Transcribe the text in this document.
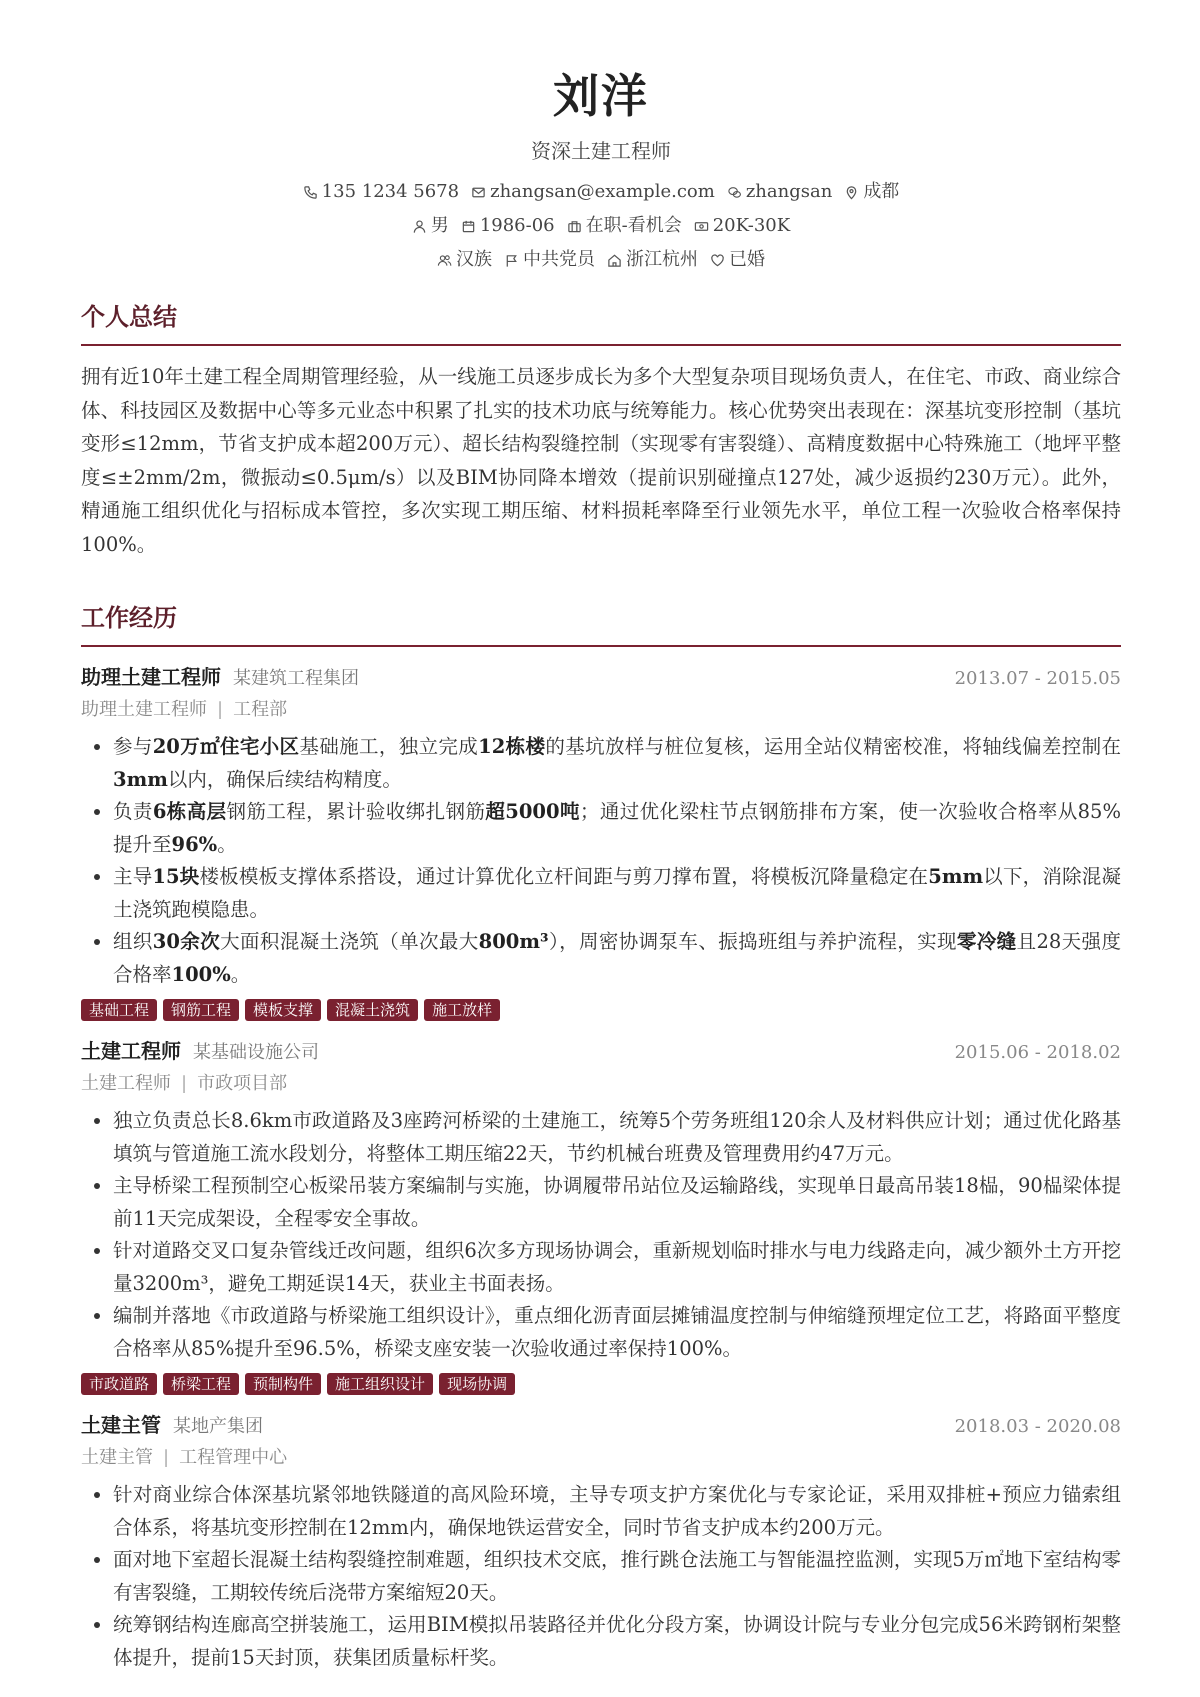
刘洋
资深土建工程师
135 1234 5678 zhangsan@example.com zhangsan 成都
男 1986-06 在职-看机会 20K-30K
汉族 中共党员 浙江杭州 已婚
个人总结
拥有近10年土建工程全周期管理经验，从一线施工员逐步成长为多个大型复杂项目现场负责人，在住宅、市政、商业综合体、科技园区及数据中心等多元业态中积累了扎实的技术功底与统筹能力。核心优势突出表现在：深基坑变形控制（基坑变形≤12mm，节省支护成本超200万元）、超长结构裂缝控制（实现零有害裂缝）、高精度数据中心特殊施工（地坪平整度≤±2mm/2m，微振动≤0.5μm/s）以及BIM协同降本增效（提前识别碰撞点127处，减少返损约230万元）。此外，精通施工组织优化与招标成本管控，多次实现工期压缩、材料损耗率降至行业领先水平，单位工程一次验收合格率保持100%。
工作经历
助理土建工程师 某建筑工程集团	2013.07 - 2015.05
助理土建工程师 | 工程部
• 参与20万㎡住宅小区基础施工，独立完成12栋楼的基坑放样与桩位复核，运用全站仪精密校准，将轴线偏差控制在3mm以内，确保后续结构精度。
• 负责6栋高层钢筋工程，累计验收绑扎钢筋超5000吨；通过优化梁柱节点钢筋排布方案，使一次验收合格率从85%提升至96%。
• 主导15块楼板模板支撑体系搭设，通过计算优化立杆间距与剪刀撑布置，将模板沉降量稳定在5mm以下，消除混凝土浇筑跑模隐患。
• 组织30余次大面积混凝土浇筑（单次最大800m³），周密协调泵车、振捣班组与养护流程，实现零冷缝且28天强度合格率100%。
基础工程	钢筋工程	模板支撑	混凝土浇筑	施工放样
土建工程师 某基础设施公司	2015.06 - 2018.02
土建工程师 | 市政项目部
• 独立负责总长8.6km市政道路及3座跨河桥梁的土建施工，统筹5个劳务班组120余人及材料供应计划；通过优化路基填筑与管道施工流水段划分，将整体工期压缩22天，节约机械台班费及管理费用约47万元。
• 主导桥梁工程预制空心板梁吊装方案编制与实施，协调履带吊站位及运输路线，实现单日最高吊装18榀，90榀梁体提前11天完成架设，全程零安全事故。
• 针对道路交叉口复杂管线迁改问题，组织6次多方现场协调会，重新规划临时排水与电力线路走向，减少额外土方开挖量3200m³，避免工期延误14天，获业主书面表扬。
• 编制并落地《市政道路与桥梁施工组织设计》，重点细化沥青面层摊铺温度控制与伸缩缝预埋定位工艺，将路面平整度合格率从85%提升至96.5%，桥梁支座安装一次验收通过率保持100%。
市政道路	桥梁工程	预制构件	施工组织设计	现场协调
土建主管 某地产集团	2018.03 - 2020.08
土建主管 | 工程管理中心
• 针对商业综合体深基坑紧邻地铁隧道的高风险环境，主导专项支护方案优化与专家论证，采用双排桩+预应力锚索组合体系，将基坑变形控制在12mm内，确保地铁运营安全，同时节省支护成本约200万元。
• 面对地下室超长混凝土结构裂缝控制难题，组织技术交底，推行跳仓法施工与智能温控监测，实现5万㎡地下室结构零有害裂缝，工期较传统后浇带方案缩短20天。
• 统筹钢结构连廊高空拼装施工，运用BIM模拟吊装路径并优化分段方案，协调设计院与专业分包完成56米跨钢桁架整体提升，提前15天封顶，获集团质量标杆奖。
